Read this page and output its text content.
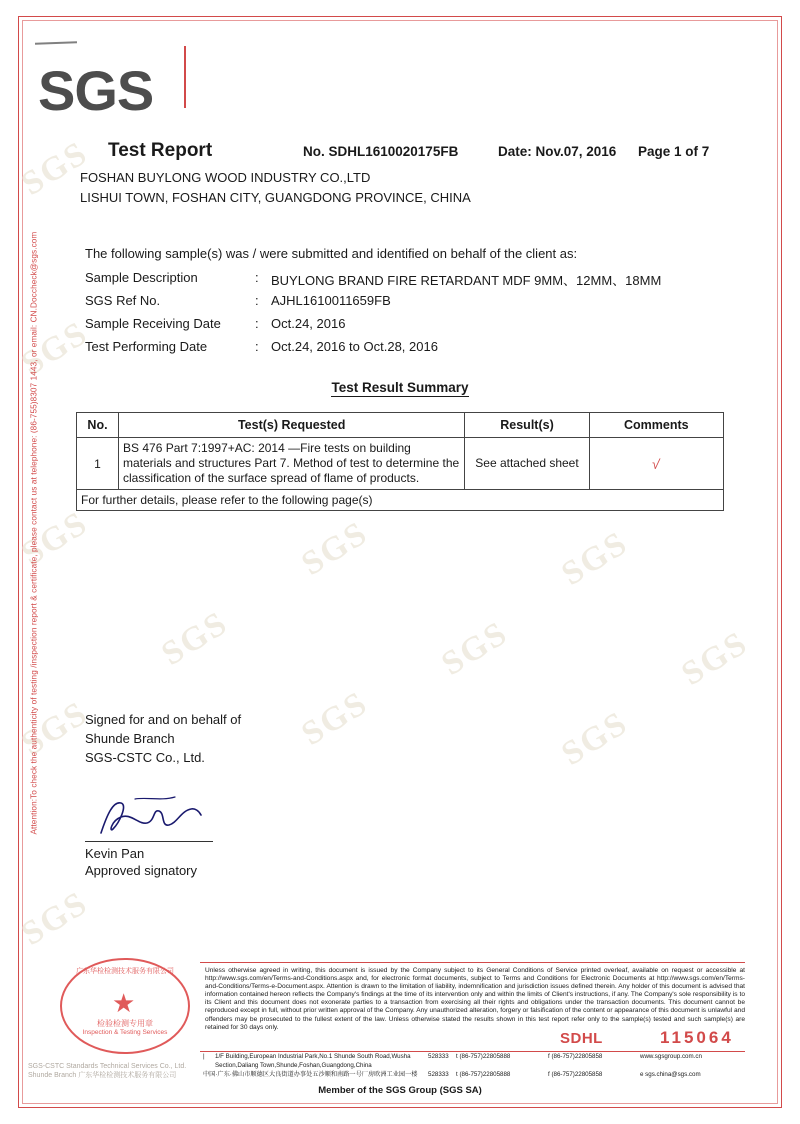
SGS
SGS
SGS
SGS
SGS
SGS
SGS
SGS
SGS
SGS	SGS	SGS
SGS
Test Report	No. SDHL1610020175FB	Date: Nov.07, 2016	Page 1 of 7
FOSHAN BUYLONG WOOD INDUSTRY CO.,LTD
LISHUI TOWN, FOSHAN CITY, GUANGDONG PROVINCE, CHINA
The following sample(s) was / were submitted and identified on behalf of the client as:
Sample Description	: BUYLONG BRAND FIRE RETARDANT MDF 9MM、12MM、18MM
SGS Ref No.	: AJHL1610011659FB
Sample Receiving Date	: Oct.24, 2016
Test Performing Date	: Oct.24, 2016 to Oct.28, 2016
Test Result Summary
No.	Test(s) Requested	Result(s)	Comments
1	BS 476 Part 7:1997+AC: 2014 —Fire tests on building materials and structures Part 7. Method of test to determine the classification of the surface spread of flame of products.	See attached sheet	√
For further details, please refer to the following page(s)			
Signed for and on behalf of
Shunde Branch
SGS-CSTC Co., Ltd.
Kevin Pan
Approved signatory
Attention:To check the authenticity of testing /inspection report & certificate, please contact us at telephone: (86-755)8307 1443, or email: CN.Doccheck@sgs.com
广东华检检测技术服务有限公司
★
检验检测专用章
Inspection & Testing Services
SGS-CSTC Standards Technical Services Co., Ltd. Shunde Branch 广东华检检测技术服务有限公司
Unless otherwise agreed in writing, this document is issued by the Company subject to its General Conditions of Service printed overleaf, available on request or accessible at http://www.sgs.com/en/Terms-and-Conditions.aspx and, for electronic format documents, subject to Terms and Conditions for Electronic Documents at http://www.sgs.com/en/Terms-and-Conditions/Terms-e-Document.aspx. Attention is drawn to the limitation of liability, indemnification and jurisdiction issues defined therein. Any holder of this document is advised that information contained hereon reflects the Company's findings at the time of its intervention only and within the limits of Client's instructions, if any. The Company's sole responsibility is to its Client and this document does not exonerate parties to a transaction from exercising all their rights and obligations under the transaction documents. This document cannot be reproduced except in full, without prior written approval of the Company. Any unauthorized alteration, forgery or falsification of the content or appearance of this document is unlawful and offenders may be prosecuted to the fullest extent of the law. Unless otherwise stated the results shown in this test report refer only to the sample(s) tested and such sample(s) are retained for 30 days only.
SDHL	115064
|	1/F Building,European Industrial Park,No.1 Shunde South Road,Wusha Section,Daliang Town,Shunde,Foshan,Guangdong,China
528333	t (86-757)22805888	f (86-757)22805858	www.sgsgroup.com.cn
中国·广东·佛山市顺德区大良街道办事处五沙顺和南路一号厂房欧洲工业园一楼	528333	t (86-757)22805888	f (86-757)22805858	e sgs.china@sgs.com
Member of the SGS Group (SGS SA)
